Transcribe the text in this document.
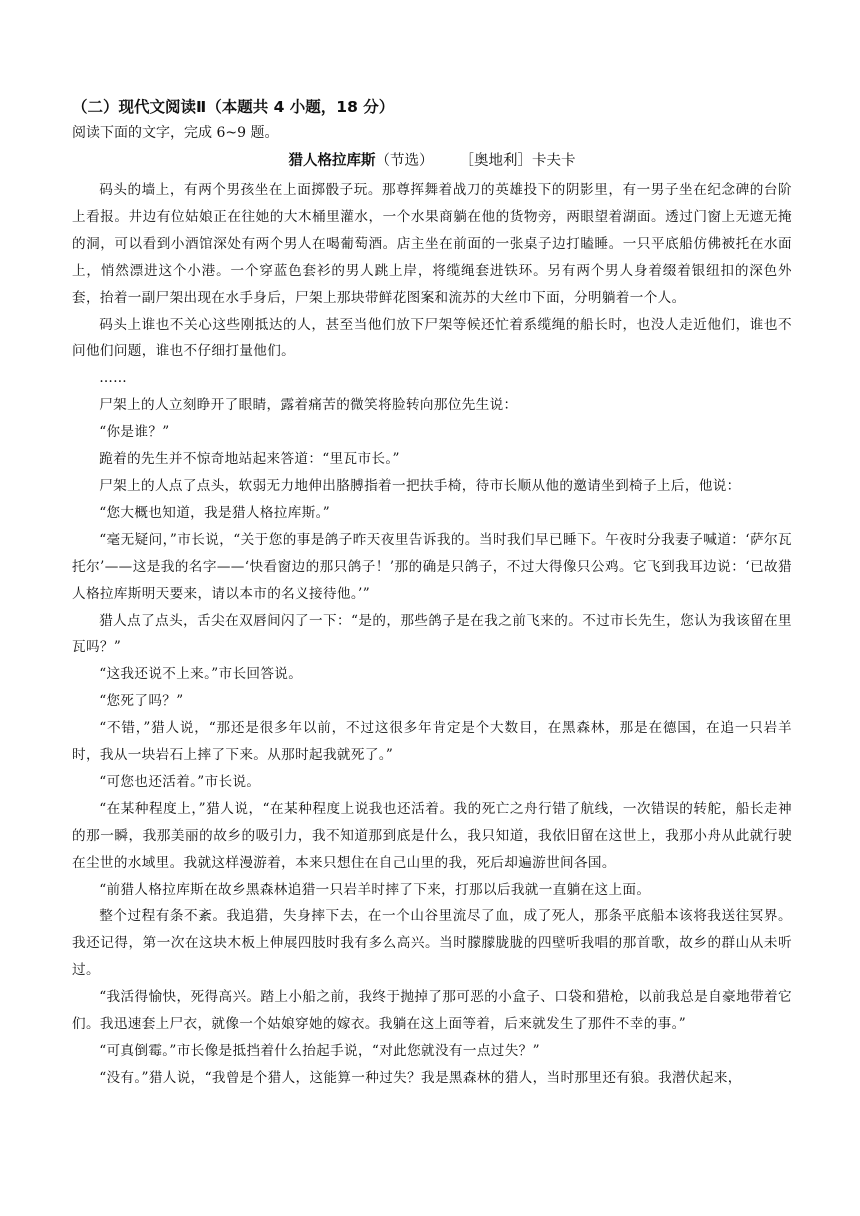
（二）现代文阅读Ⅱ（本题共 4 小题，18 分）

阅读下面的文字，完成 6~9 题。

猎人格拉库斯（节选） ［奥地利］卡夫卡

码头的墙上，有两个男孩坐在上面掷骰子玩。那尊挥舞着战刀的英雄投下的阴影里，有一男子坐在纪念碑的台阶上看报。井边有位姑娘正在往她的大木桶里灌水，一个水果商躺在他的货物旁，两眼望着湖面。透过门窗上无遮无掩的洞，可以看到小酒馆深处有两个男人在喝葡萄酒。店主坐在前面的一张桌子边打瞌睡。一只平底船仿佛被托在水面上，悄然漂进这个小港。一个穿蓝色套衫的男人跳上岸，将缆绳套进铁环。另有两个男人身着缀着银纽扣的深色外套，抬着一副尸架出现在水手身后，尸架上那块带鲜花图案和流苏的大丝巾下面，分明躺着一个人。

码头上谁也不关心这些刚抵达的人，甚至当他们放下尸架等候还忙着系缆绳的船长时，也没人走近他们，谁也不问他们问题，谁也不仔细打量他们。

……

尸架上的人立刻睁开了眼睛，露着痛苦的微笑将脸转向那位先生说：

“你是谁？”

跪着的先生并不惊奇地站起来答道：“里瓦市长。”

尸架上的人点了点头，软弱无力地伸出胳膊指着一把扶手椅，待市长顺从他的邀请坐到椅子上后，他说：

“您大概也知道，我是猎人格拉库斯。”

“毫无疑问，”市长说，“关于您的事是鸽子昨天夜里告诉我的。当时我们早已睡下。午夜时分我妻子喊道：‘萨尔瓦托尔’——这是我的名字——‘快看窗边的那只鸽子！’那的确是只鸽子，不过大得像只公鸡。它飞到我耳边说：‘已故猎人格拉库斯明天要来，请以本市的名义接待他。’”

猎人点了点头，舌尖在双唇间闪了一下：“是的，那些鸽子是在我之前飞来的。不过市长先生，您认为我该留在里瓦吗？”

“这我还说不上来。”市长回答说。

“您死了吗？”

“不错，”猎人说，“那还是很多年以前，不过这很多年肯定是个大数目，在黑森林，那是在德国，在追一只岩羊时，我从一块岩石上摔了下来。从那时起我就死了。”

“可您也还活着。”市长说。

“在某种程度上，”猎人说，“在某种程度上说我也还活着。我的死亡之舟行错了航线，一次错误的转舵，船长走神的那一瞬，我那美丽的故乡的吸引力，我不知道那到底是什么，我只知道，我依旧留在这世上，我那小舟从此就行驶在尘世的水域里。我就这样漫游着，本来只想住在自己山里的我，死后却遍游世间各国。

“前猎人格拉库斯在故乡黑森林追猎一只岩羊时摔了下来，打那以后我就一直躺在这上面。

整个过程有条不紊。我追猎，失身摔下去，在一个山谷里流尽了血，成了死人，那条平底船本该将我送往冥界。我还记得，第一次在这块木板上伸展四肢时我有多么高兴。当时朦朦胧胧的四壁听我唱的那首歌，故乡的群山从未听过。

“我活得愉快，死得高兴。踏上小船之前，我终于抛掉了那可恶的小盒子、口袋和猎枪，以前我总是自豪地带着它们。我迅速套上尸衣，就像一个姑娘穿她的嫁衣。我躺在这上面等着，后来就发生了那件不幸的事。”

“可真倒霉。”市长像是抵挡着什么抬起手说，“对此您就没有一点过失？”

“没有。”猎人说，“我曾是个猎人，这能算一种过失？我是黑森林的猎人，当时那里还有狼。我潜伏起来，
